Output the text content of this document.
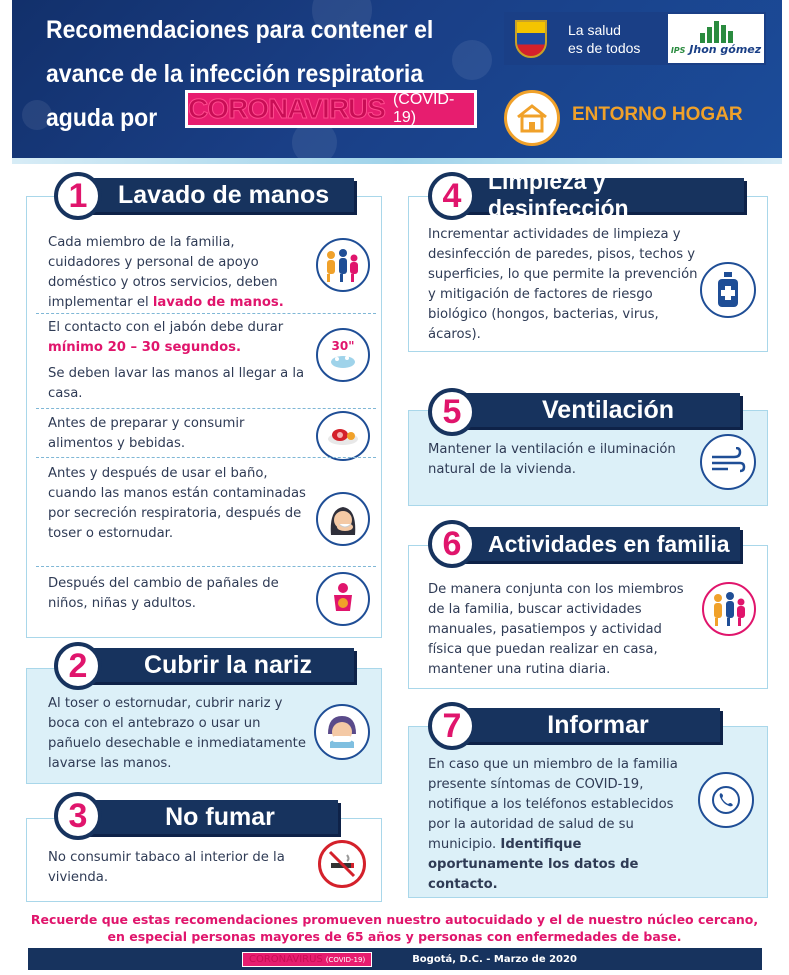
Recomendaciones para contener el
avance de la infección respiratoria
aguda por	CORONAVIRUS (COVID-19)
La salud
es de todos	IPS Jhon gómez
ENTORNO HOGAR
1	Lavado de manos
Cada miembro de la familia, cuidadores y personal de apoyo doméstico y otros servicios, deben implementar el lavado de manos.
El contacto con el jabón debe durar
mínimo 20 – 30 segundos.
Se deben lavar las manos al llegar a la casa.
30"
Antes de preparar y consumir alimentos y bebidas.
Antes y después de usar el baño, cuando las manos están contaminadas por secreción respiratoria, después de toser o estornudar.
Después del cambio de pañales de niños, niñas y adultos.
2	Cubrir la nariz
Al toser o estornudar, cubrir nariz y boca con el antebrazo o usar un pañuelo desechable e inmediatamente lavarse las manos.
3	No fumar
No consumir tabaco al interior de la vivienda.
4	Limpieza y desinfección
Incrementar actividades de limpieza y desinfección de paredes, pisos, techos y superficies, lo que permite la prevención y mitigación de factores de riesgo biológico (hongos, bacterias, virus, ácaros).
5	Ventilación
Mantener la ventilación e iluminación natural de la vivienda.
6	Actividades en familia
De manera conjunta con los miembros de la familia, buscar actividades manuales, pasatiempos y actividad física que puedan realizar en casa, mantener una rutina diaria.
7	Informar
En caso que un miembro de la familia presente síntomas de COVID-19, notifique a los teléfonos establecidos por la autoridad de salud de su municipio. Identifique oportunamente los datos de contacto.
Recuerde que estas recomendaciones promueven nuestro autocuidado y el de nuestro núcleo cercano,
en especial personas mayores de 65 años y personas con enfermedades de base.
CORONAVIRUS (COVID-19)	Bogotá, D.C. - Marzo de 2020
